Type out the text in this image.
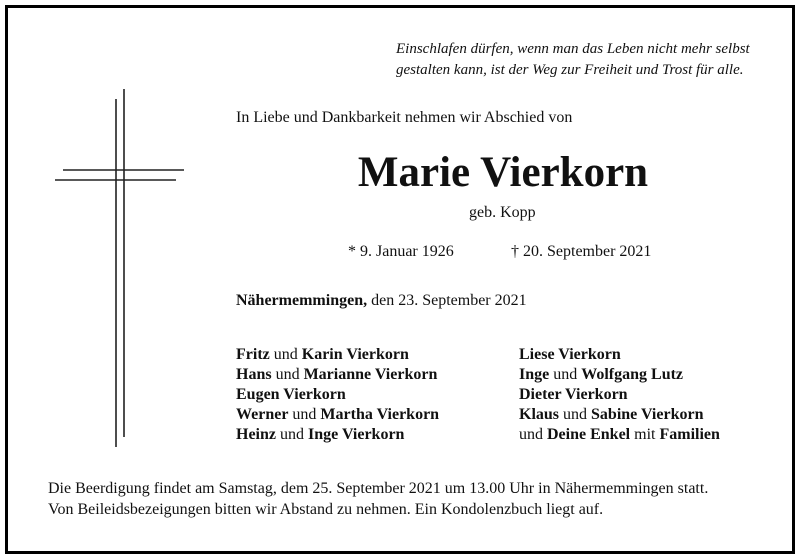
Einschlafen dürfen, wenn man das Leben nicht mehr selbst
gestalten kann, ist der Weg zur Freiheit und Trost für alle.
In Liebe und Dankbarkeit nehmen wir Abschied von
Marie Vierkorn
geb. Kopp
* 9. Januar 1926	† 20. September 2021
Nähermemmingen, den 23. September 2021
Fritz und Karin Vierkorn
Hans und Marianne Vierkorn
Eugen Vierkorn
Werner und Martha Vierkorn
Heinz und Inge Vierkorn
Liese Vierkorn
Inge und Wolfgang Lutz
Dieter Vierkorn
Klaus und Sabine Vierkorn
und Deine Enkel mit Familien
Die Beerdigung findet am Samstag, dem 25. September 2021 um 13.00 Uhr in Nähermemmingen statt.
Von Beileidsbezeigungen bitten wir Abstand zu nehmen. Ein Kondolenzbuch liegt auf.
